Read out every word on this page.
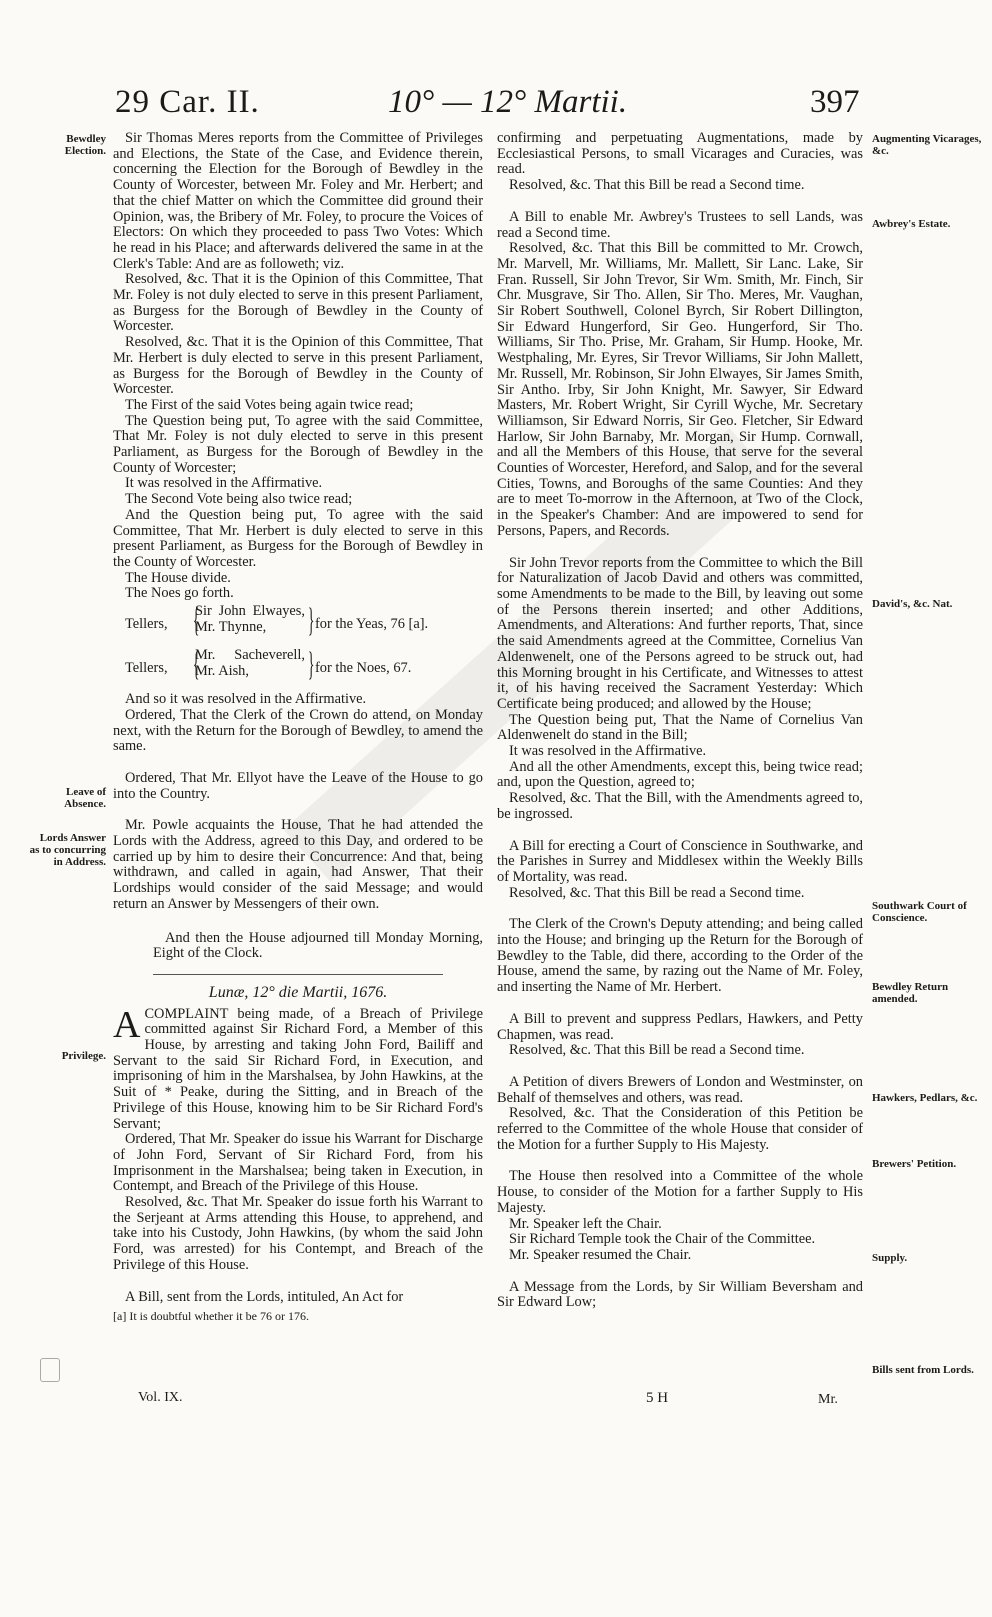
29 Car. II.	10° — 12° Martii.	397
Bewdley Election.
Leave of Absence.
Lords Answer as to concurring in Address.
Privilege.
Augmenting Vicarages, &c.
Awbrey's Estate.
David's, &c. Nat.
Southwark Court of Conscience.
Bewdley Return amended.
Hawkers, Pedlars, &c.
Brewers' Petition.
Supply.
Bills sent from Lords.

Sir Thomas Meres reports from the Committee of Privileges and Elections, the State of the Case, and Evidence therein, concerning the Election for the Borough of Bewdley in the County of Worcester, between Mr. Foley and Mr. Herbert; and that the chief Matter on which the Committee did ground their Opinion, was, the Bribery of Mr. Foley, to procure the Voices of Electors: On which they proceeded to pass Two Votes: Which he read in his Place; and afterwards delivered the same in at the Clerk's Table: And are as followeth; viz.

Resolved, &c. That it is the Opinion of this Committee, That Mr. Foley is not duly elected to serve in this present Parliament, as Burgess for the Borough of Bewdley in the County of Worcester.

Resolved, &c. That it is the Opinion of this Committee, That Mr. Herbert is duly elected to serve in this present Parliament, as Burgess for the Borough of Bewdley in the County of Worcester.

The First of the said Votes being again twice read;

The Question being put, To agree with the said Committee, That Mr. Foley is not duly elected to serve in this present Parliament, as Burgess for the Borough of Bewdley in the County of Worcester;

It was resolved in the Affirmative.

The Second Vote being also twice read;

And the Question being put, To agree with the said Committee, That Mr. Herbert is duly elected to serve in this present Parliament, as Burgess for the Borough of Bewdley in the County of Worcester.

The House divide.

The Noes go forth.

Tellers, {
Sir John Elwayes, Mr. Thynne,	} for the Yeas, 76 [a].
Tellers, {
Mr. Sacheverell, Mr. Aish,	} for the Noes, 67.

And so it was resolved in the Affirmative.

Ordered, That the Clerk of the Crown do attend, on Monday next, with the Return for the Borough of Bewdley, to amend the same.

Ordered, That Mr. Ellyot have the Leave of the House to go into the Country.

Mr. Powle acquaints the House, That he had attended the Lords with the Address, agreed to this Day, and ordered to be carried up by him to desire their Concurrence: And that, being withdrawn, and called in again, had Answer, That their Lordships would consider of the said Message; and would return an Answer by Messengers of their own.

And then the House adjourned till Monday Morning, Eight of the Clock.

Lunæ, 12° die Martii, 1676.

ACOMPLAINT being made, of a Breach of Privilege committed against Sir Richard Ford, a Member of this House, by arresting and taking John Ford, Bailiff and Servant to the said Sir Richard Ford, in Execution, and imprisoning of him in the Marshalsea, by John Hawkins, at the Suit of * Peake, during the Sitting, and in Breach of the Privilege of this House, knowing him to be Sir Richard Ford's Servant;

Ordered, That Mr. Speaker do issue his Warrant for Discharge of John Ford, Servant of Sir Richard Ford, from his Imprisonment in the Marshalsea; being taken in Execution, in Contempt, and Breach of the Privilege of this House.

Resolved, &c. That Mr. Speaker do issue forth his Warrant to the Serjeant at Arms attending this House, to apprehend, and take into his Custody, John Hawkins, (by whom the said John Ford, was arrested) for his Contempt, and Breach of the Privilege of this House.

A Bill, sent from the Lords, intituled, An Act for

[a] It is doubtful whether it be 76 or 176.

confirming and perpetuating Augmentations, made by Ecclesiastical Persons, to small Vicarages and Curacies, was read.

Resolved, &c. That this Bill be read a Second time.

A Bill to enable Mr. Awbrey's Trustees to sell Lands, was read a Second time.

Resolved, &c. That this Bill be committed to Mr. Crowch, Mr. Marvell, Mr. Williams, Mr. Mallett, Sir Lanc. Lake, Sir Fran. Russell, Sir John Trevor, Sir Wm. Smith, Mr. Finch, Sir Chr. Musgrave, Sir Tho. Allen, Sir Tho. Meres, Mr. Vaughan, Sir Robert Southwell, Colonel Byrch, Sir Robert Dillington, Sir Edward Hungerford, Sir Geo. Hungerford, Sir Tho. Williams, Sir Tho. Prise, Mr. Graham, Sir Hump. Hooke, Mr. Westphaling, Mr. Eyres, Sir Trevor Williams, Sir John Mallett, Mr. Russell, Mr. Robinson, Sir John Elwayes, Sir James Smith, Sir Antho. Irby, Sir John Knight, Mr. Sawyer, Sir Edward Masters, Mr. Robert Wright, Sir Cyrill Wyche, Mr. Secretary Williamson, Sir Edward Norris, Sir Geo. Fletcher, Sir Edward Harlow, Sir John Barnaby, Mr. Morgan, Sir Hump. Cornwall, and all the Members of this House, that serve for the several Counties of Worcester, Hereford, and Salop, and for the several Cities, Towns, and Boroughs of the same Counties: And they are to meet To-morrow in the Afternoon, at Two of the Clock, in the Speaker's Chamber: And are impowered to send for Persons, Papers, and Records.

Sir John Trevor reports from the Committee to which the Bill for Naturalization of Jacob David and others was committed, some Amendments to be made to the Bill, by leaving out some of the Persons therein inserted; and other Additions, Amendments, and Alterations: And further reports, That, since the said Amendments agreed at the Committee, Cornelius Van Aldenwenelt, one of the Persons agreed to be struck out, had this Morning brought in his Certificate, and Witnesses to attest it, of his having received the Sacrament Yesterday: Which Certificate being produced; and allowed by the House;

The Question being put, That the Name of Cornelius Van Aldenwenelt do stand in the Bill;

It was resolved in the Affirmative.

And all the other Amendments, except this, being twice read; and, upon the Question, agreed to;

Resolved, &c. That the Bill, with the Amendments agreed to, be ingrossed.

A Bill for erecting a Court of Conscience in Southwarke, and the Parishes in Surrey and Middlesex within the Weekly Bills of Mortality, was read.

Resolved, &c. That this Bill be read a Second time.

The Clerk of the Crown's Deputy attending; and being called into the House; and bringing up the Return for the Borough of Bewdley to the Table, did there, according to the Order of the House, amend the same, by razing out the Name of Mr. Foley, and inserting the Name of Mr. Herbert.

A Bill to prevent and suppress Pedlars, Hawkers, and Petty Chapmen, was read.

Resolved, &c. That this Bill be read a Second time.

A Petition of divers Brewers of London and Westminster, on Behalf of themselves and others, was read.

Resolved, &c. That the Consideration of this Petition be referred to the Committee of the whole House that consider of the Motion for a further Supply to His Majesty.

The House then resolved into a Committee of the whole House, to consider of the Motion for a farther Supply to His Majesty.

Mr. Speaker left the Chair.

Sir Richard Temple took the Chair of the Committee.

Mr. Speaker resumed the Chair.

A Message from the Lords, by Sir William Beversham and Sir Edward Low;

Vol. IX.	5 H	Mr.
